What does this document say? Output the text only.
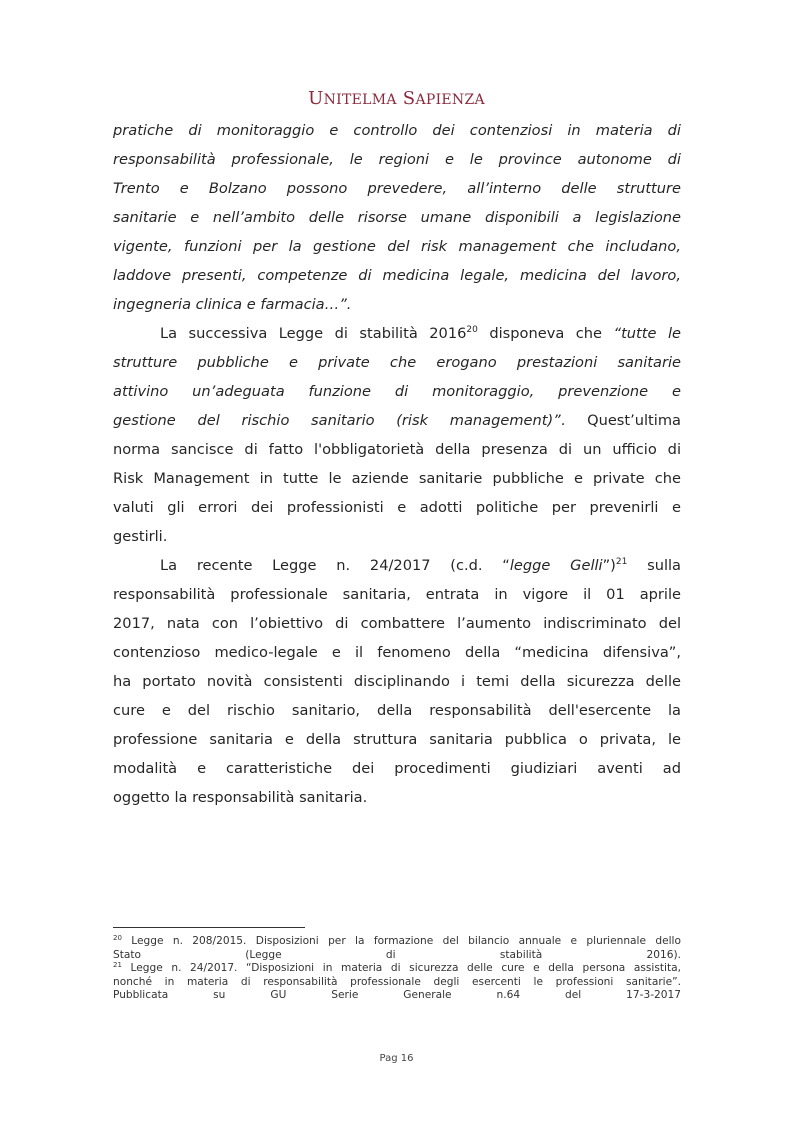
UNITELMA SAPIENZA

pratiche di monitoraggio e controllo dei contenziosi in materia di
responsabilità professionale, le regioni e le province autonome di
Trento e Bolzano possono prevedere, all’interno delle strutture
sanitarie e nell’ambito delle risorse umane disponibili a legislazione
vigente, funzioni per la gestione del risk management che includano,
laddove presenti, competenze di medicina legale, medicina del lavoro,
ingegneria clinica e farmacia…”.

La successiva Legge di stabilità 2016$^{20}$ disponeva che “tutte le
strutture pubbliche e private che erogano prestazioni sanitarie
attivino un’adeguata funzione di monitoraggio, prevenzione e
gestione del rischio sanitario (risk management)”. Quest’ultima
norma sancisce di fatto l'obbligatorietà della presenza di un ufficio di
Risk Management in tutte le aziende sanitarie pubbliche e private che
valuti gli errori dei professionisti e adotti politiche per prevenirli e
gestirli.

La recente Legge n. 24/2017 (c.d. “legge Gelli”)$^{21}$ sulla
responsabilità professionale sanitaria, entrata in vigore il 01 aprile
2017, nata con l’obiettivo di combattere l’aumento indiscriminato del
contenzioso medico-legale e il fenomeno della “medicina difensiva”,
ha portato novità consistenti disciplinando i temi della sicurezza delle
cure e del rischio sanitario, della responsabilità dell'esercente la
professione sanitaria e della struttura sanitaria pubblica o privata, le
modalità e caratteristiche dei procedimenti giudiziari aventi ad
oggetto la responsabilità sanitaria.

$^{20}$ Legge n. 208/2015. Disposizioni per la formazione del bilancio annuale e pluriennale dello
Stato (Legge di stabilità 2016).
$^{21}$ Legge n. 24/2017. “Disposizioni in materia di sicurezza delle cure e della persona assistita,
nonché in materia di responsabilità professionale degli esercenti le professioni sanitarie”.
Pubblicata su GU Serie Generale n.64 del 17-3-2017
Pag 16
